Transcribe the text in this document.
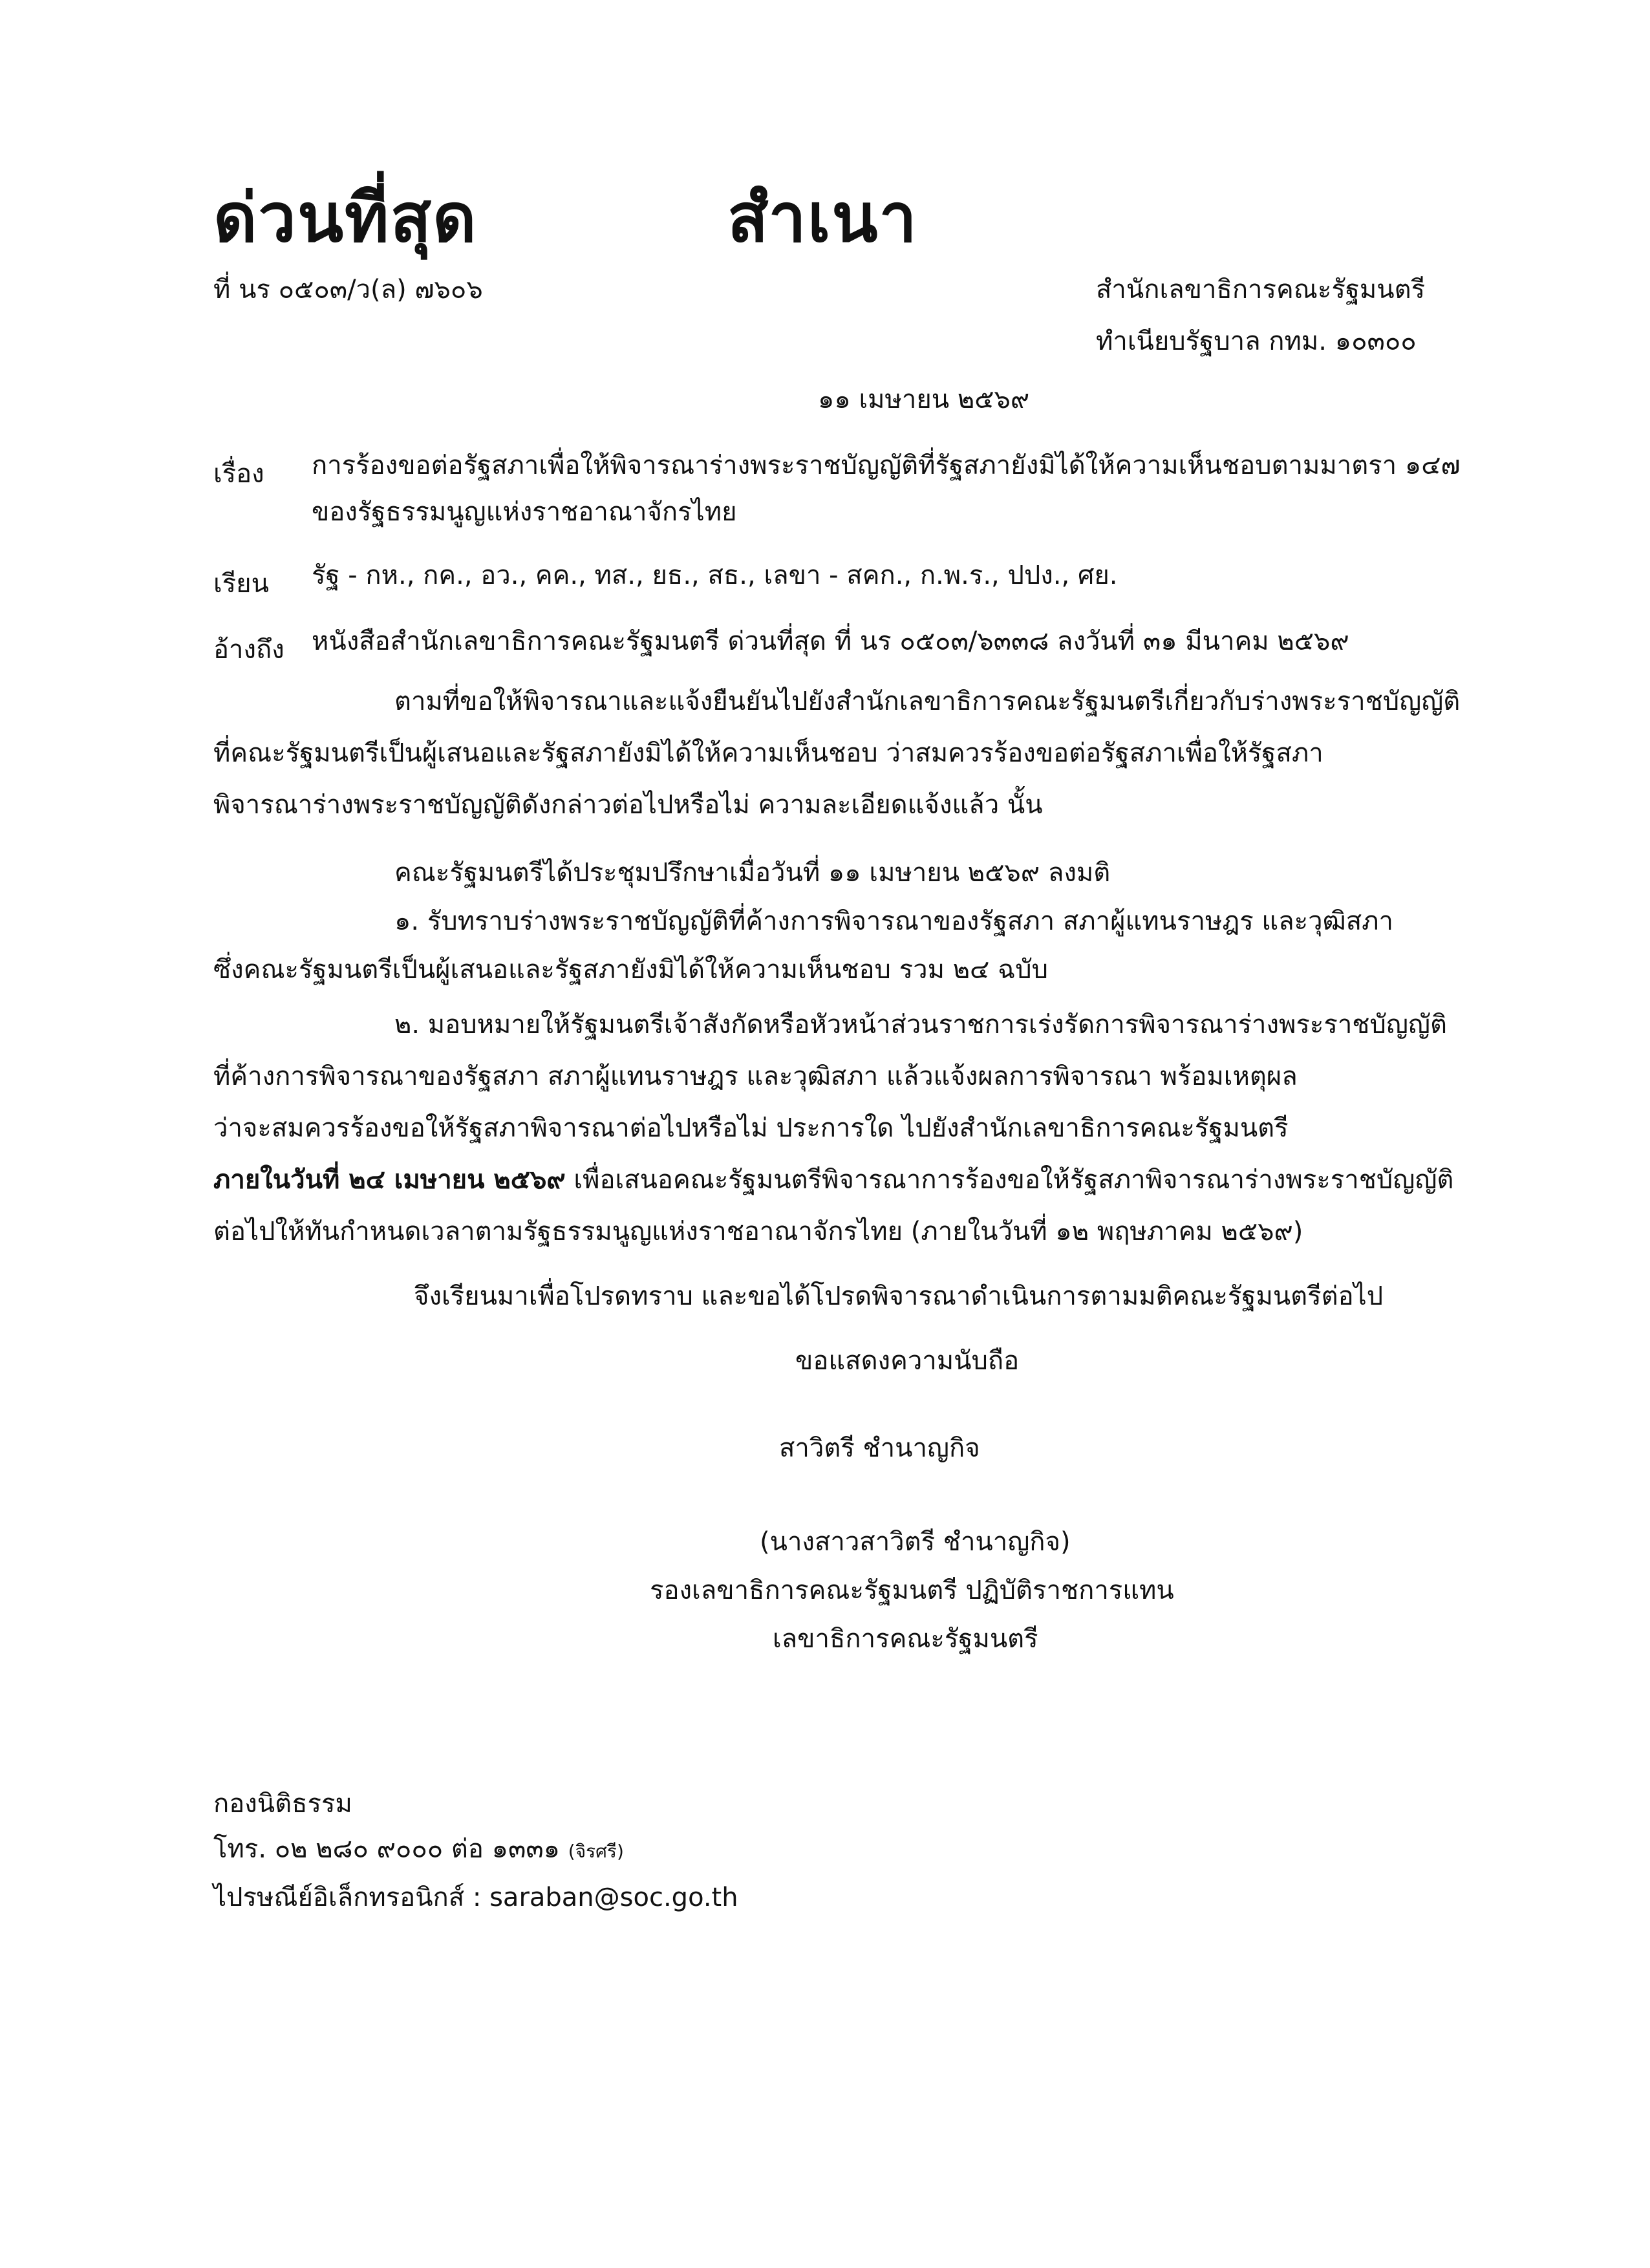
ด่วนที่สุด	สำเนา
ที่ นร ๐๕๐๓/ว(ล) ๗๖๐๖	สำนักเลขาธิการคณะรัฐมนตรี
ทำเนียบรัฐบาล กทม. ๑๐๓๐๐
๑๑ เมษายน ๒๕๖๙
เรื่อง การร้องขอต่อรัฐสภาเพื่อให้พิจารณาร่างพระราชบัญญัติที่รัฐสภายังมิได้ให้ความเห็นชอบตามมาตรา ๑๔๗
ของรัฐธรรมนูญแห่งราชอาณาจักรไทย
เรียน รัฐ - กห., กค., อว., คค., ทส., ยธ., สธ., เลขา - สคก., ก.พ.ร., ปปง., ศย.
อ้างถึง หนังสือสำนักเลขาธิการคณะรัฐมนตรี ด่วนที่สุด ที่ นร ๐๕๐๓/๖๓๓๘ ลงวันที่ ๓๑ มีนาคม ๒๕๖๙
ตามที่ขอให้พิจารณาและแจ้งยืนยันไปยังสำนักเลขาธิการคณะรัฐมนตรีเกี่ยวกับร่างพระราชบัญญัติ
ที่คณะรัฐมนตรีเป็นผู้เสนอและรัฐสภายังมิได้ให้ความเห็นชอบ ว่าสมควรร้องขอต่อรัฐสภาเพื่อให้รัฐสภา
พิจารณาร่างพระราชบัญญัติดังกล่าวต่อไปหรือไม่ ความละเอียดแจ้งแล้ว นั้น
คณะรัฐมนตรีได้ประชุมปรึกษาเมื่อวันที่ ๑๑ เมษายน ๒๕๖๙ ลงมติ
๑. รับทราบร่างพระราชบัญญัติที่ค้างการพิจารณาของรัฐสภา สภาผู้แทนราษฎร และวุฒิสภา
ซึ่งคณะรัฐมนตรีเป็นผู้เสนอและรัฐสภายังมิได้ให้ความเห็นชอบ รวม ๒๔ ฉบับ
๒. มอบหมายให้รัฐมนตรีเจ้าสังกัดหรือหัวหน้าส่วนราชการเร่งรัดการพิจารณาร่างพระราชบัญญัติ
ที่ค้างการพิจารณาของรัฐสภา สภาผู้แทนราษฎร และวุฒิสภา แล้วแจ้งผลการพิจารณา พร้อมเหตุผล
ว่าจะสมควรร้องขอให้รัฐสภาพิจารณาต่อไปหรือไม่ ประการใด ไปยังสำนักเลขาธิการคณะรัฐมนตรี
ภายในวันที่ ๒๔ เมษายน ๒๕๖๙ เพื่อเสนอคณะรัฐมนตรีพิจารณาการร้องขอให้รัฐสภาพิจารณาร่างพระราชบัญญัติ
ต่อไปให้ทันกำหนดเวลาตามรัฐธรรมนูญแห่งราชอาณาจักรไทย (ภายในวันที่ ๑๒ พฤษภาคม ๒๕๖๙)
จึงเรียนมาเพื่อโปรดทราบ และขอได้โปรดพิจารณาดำเนินการตามมติคณะรัฐมนตรีต่อไป
ขอแสดงความนับถือ
สาวิตรี ชำนาญกิจ
(นางสาวสาวิตรี ชำนาญกิจ)
รองเลขาธิการคณะรัฐมนตรี ปฏิบัติราชการแทน
เลขาธิการคณะรัฐมนตรี
กองนิติธรรม
โทร. ๐๒ ๒๘๐ ๙๐๐๐ ต่อ ๑๓๓๑ (จิรศรี)
ไปรษณีย์อิเล็กทรอนิกส์ : saraban@soc.go.th
